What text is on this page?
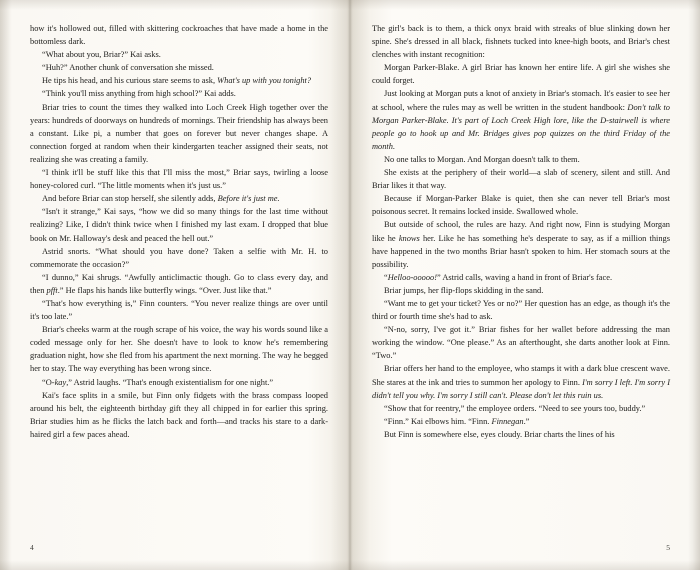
how it's hollowed out, filled with skittering cockroaches that have made a home in the bottomless dark.

“What about you, Briar?” Kai asks.

“Huh?” Another chunk of conversation she missed.

He tips his head, and his curious stare seems to ask, What's up with you tonight?

“Think you'll miss anything from high school?” Kai adds.

Briar tries to count the times they walked into Loch Creek High together over the years: hundreds of doorways on hundreds of mornings. Their friendship has always been a constant. Like pi, a number that goes on forever but never changes shape. A connection forged at random when their kindergarten teacher assigned their seats, not realizing she was creating a family.

“I think it'll be stuff like this that I'll miss the most,” Briar says, twirling a loose honey-colored curl. “The little moments when it's just us.”

And before Briar can stop herself, she silently adds, Before it's just me.

“Isn't it strange,” Kai says, “how we did so many things for the last time without realizing? Like, I didn't think twice when I finished my last exam. I dropped that blue book on Mr. Halloway's desk and peaced the hell out.”

Astrid snorts. “What should you have done? Taken a selfie with Mr. H. to commemorate the occasion?”

“I dunno,” Kai shrugs. “Awfully anticlimactic though. Go to class every day, and then pfft.” He flaps his hands like butterfly wings. “Over. Just like that.”

“That's how everything is,” Finn counters. “You never realize things are over until it's too late.”

Briar's cheeks warm at the rough scrape of his voice, the way his words sound like a coded message only for her. She doesn't have to look to know he's remembering graduation night, how she fled from his apartment the next morning. The way he begged her to stay. The way everything has been wrong since.

“O-kay,” Astrid laughs. “That's enough existentialism for one night.”

Kai's face splits in a smile, but Finn only fidgets with the brass compass looped around his belt, the eighteenth birthday gift they all chipped in for earlier this spring. Briar studies him as he flicks the latch back and forth—and tracks his stare to a dark-haired girl a few paces ahead.

4

The girl's back is to them, a thick onyx braid with streaks of blue slinking down her spine. She's dressed in all black, fishnets tucked into knee-high boots, and Briar's chest clenches with instant recognition:

Morgan Parker-Blake. A girl Briar has known her entire life. A girl she wishes she could forget.

Just looking at Morgan puts a knot of anxiety in Briar's stomach. It's easier to see her at school, where the rules may as well be written in the student handbook: Don't talk to Morgan Parker-Blake. It's part of Loch Creek High lore, like the D-stairwell is where people go to hook up and Mr. Bridges gives pop quizzes on the third Friday of the month.

No one talks to Morgan. And Morgan doesn't talk to them.

She exists at the periphery of their world—a slab of scenery, silent and still. And Briar likes it that way.

Because if Morgan-Parker Blake is quiet, then she can never tell Briar's most poisonous secret. It remains locked inside. Swallowed whole.

But outside of school, the rules are hazy. And right now, Finn is studying Morgan like he knows her. Like he has something he's desperate to say, as if a million things have happened in the two months Briar hasn't spoken to him. Her stomach sours at the possibility.

“Helloo-ooooo!” Astrid calls, waving a hand in front of Briar's face.

Briar jumps, her flip-flops skidding in the sand.

“Want me to get your ticket? Yes or no?” Her question has an edge, as though it's the third or fourth time she's had to ask.

“N-no, sorry, I've got it.” Briar fishes for her wallet before addressing the man working the window. “One please.” As an afterthought, she darts another look at Finn. “Two.”

Briar offers her hand to the employee, who stamps it with a dark blue crescent wave. She stares at the ink and tries to summon her apology to Finn. I'm sorry I left. I'm sorry I didn't tell you why. I'm sorry I still can't. Please don't let this ruin us.

“Show that for reentry,” the employee orders. “Need to see yours too, buddy.”

“Finn.” Kai elbows him. “Finn. Finnegan.”

But Finn is somewhere else, eyes cloudy. Briar charts the lines of his

5
